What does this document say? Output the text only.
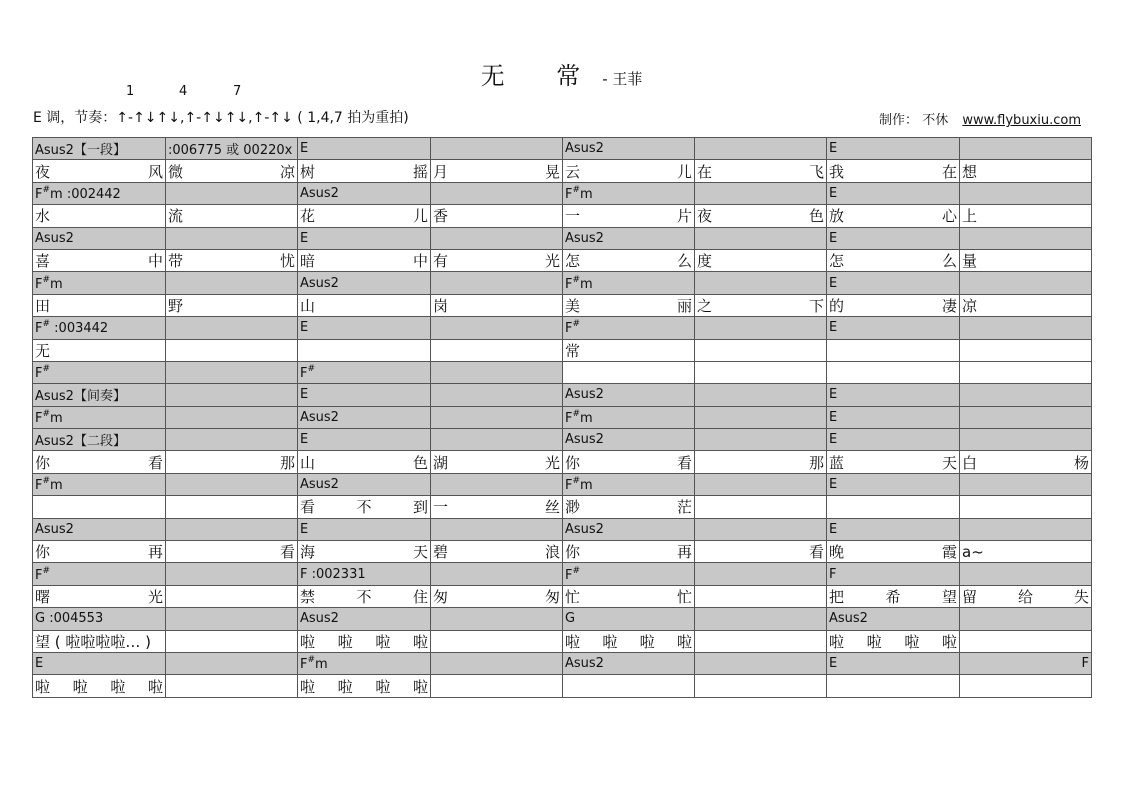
无 常- 王菲
1	4	7
E 调，节奏：↑-↑↓↑↓,↑-↑↓↑↓,↑-↑↓ ( 1,4,7 拍为重拍)	制作： 不休 www.flybuxiu.com
Asus2【一段】	:006775 或 00220x	E		Asus2		E	

夜 风	微 凉	树 摇	月 晃	云 儿	在 飞	我 在	想
F#m :002442		Asus2		F#m		E	
水	流	花 儿	香	一 片	夜 色	放 心	上
Asus2		E		Asus2		E	

喜 中	带 忧	暗 中	有 光	怎 么	度	怎 么	量
F#m		Asus2		F#m		E	
田	野	山	岗	美 丽	之 下	的 凄	凉
F# :003442		E		F#		E	
无				常			
F#		F#					
Asus2【间奏】		E		Asus2		E	
F#m		Asus2		F#m		E	
Asus2【二段】		E		Asus2		E	

你 看	那	山 色	湖 光	你 看	那	蓝 天	白 杨

F#m		Asus2		F#m		E	

		看 不 到	一 丝	渺 茫			

Asus2		E		Asus2		E	

你 再	看	海 天	碧 浪	你 再	看	晚 霞	a~
F#		F :002331		F#		F	

曙 光		禁 不 住	匆 匆	忙 忙		把 希 望	留 给 失

G :004553		Asus2		G		Asus2	
望 ( 啦啦啦啦… )		啦 啦 啦 啦		啦 啦 啦 啦		啦 啦 啦 啦	

E		F#m		Asus2		E	F

啦 啦 啦 啦		啦 啦 啦 啦					
